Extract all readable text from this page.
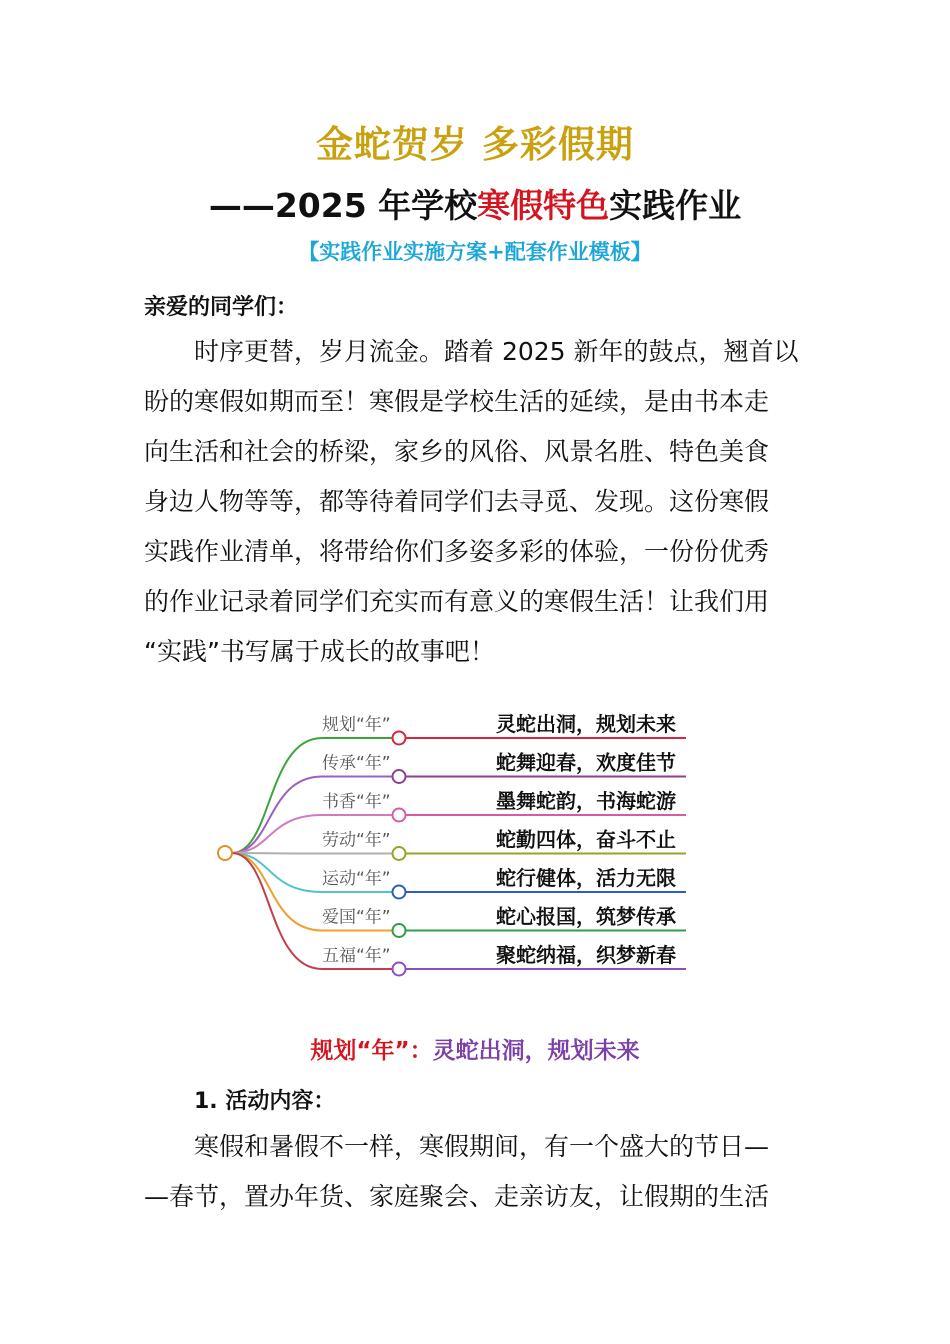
金蛇贺岁 多彩假期
——2025 年学校寒假特色实践作业
【实践作业实施方案+配套作业模板】
亲爱的同学们：
　　时序更替，岁月流金。踏着 2025 新年的鼓点，翘首以
盼的寒假如期而至！寒假是学校生活的延续，是由书本走
向生活和社会的桥梁，家乡的风俗、风景名胜、特色美食
身边人物等等，都等待着同学们去寻觅、发现。这份寒假
实践作业清单，将带给你们多姿多彩的体验，一份份优秀
的作业记录着同学们充实而有意义的寒假生活！让我们用
“实践”书写属于成长的故事吧！
规划“年”	灵蛇出洞，规划未来
传承“年”	蛇舞迎春，欢度佳节
书香“年”	墨舞蛇韵，书海蛇游
劳动“年”	蛇勤四体，奋斗不止
运动“年”	蛇行健体，活力无限
爱国“年”	蛇心报国，筑梦传承
五福“年”	聚蛇纳福，织梦新春
规划“年”：灵蛇出洞，规划未来
1. 活动内容：
　　寒假和暑假不一样，寒假期间，有一个盛大的节日—
—春节，置办年货、家庭聚会、走亲访友，让假期的生活
